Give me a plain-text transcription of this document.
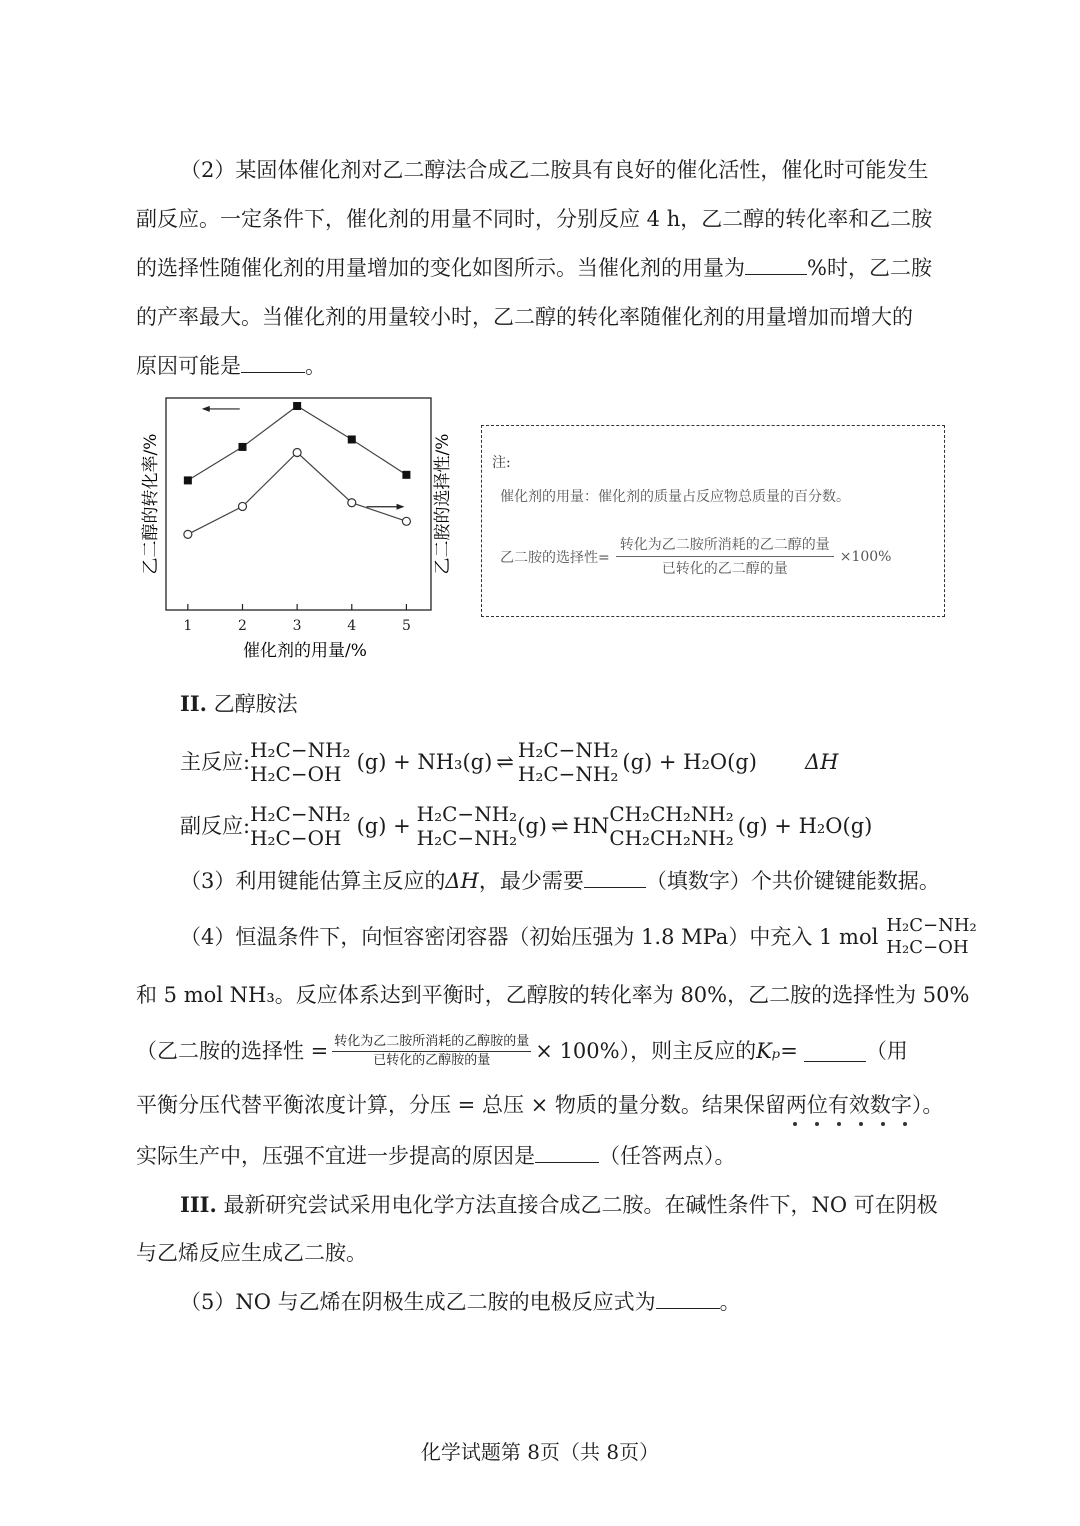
（2）某固体催化剂对乙二醇法合成乙二胺具有良好的催化活性，催化时可能发生
副反应。一定条件下，催化剂的用量不同时，分别反应 4 h，乙二醇的转化率和乙二胺
的选择性随催化剂的用量增加的变化如图所示。当催化剂的用量为	%时，乙二胺
的产率最大。当催化剂的用量较小时，乙二醇的转化率随催化剂的用量增加而增大的
原因可能是	。
乙二醇的转化率/%	乙二胺的选择性/%
催化剂的用量/%
1	2	3	4	5
注:
催化剂的用量：催化剂的质量占反应物总质量的百分数。
乙二胺的选择性= $\frac{\text{转化为乙二胺所消耗的乙二醇的量}}{\text{已转化的乙二醇的量}} \times 100\%$
II. 乙醇胺法
主反应: H₂C−NH₂
H₂C−OH (g) + NH₃(g) ⇌ H₂C−NH₂
H₂C−NH₂ (g) + H₂O(g) ΔH
副反应: H₂C−NH₂
H₂C−OH (g) + H₂C−NH₂
H₂C−NH₂ (g) ⇌ HN CH₂CH₂NH₂
CH₂CH₂NH₂ (g) + H₂O(g)
（3）利用键能估算主反应的ΔH，最少需要	（填数字）个共价键键能数据。
（4）恒温条件下，向恒容密闭容器（初始压强为 1.8 MPa）中充入 1 mol H₂C−NH₂
H₂C−OH
和 5 mol NH₃。反应体系达到平衡时，乙醇胺的转化率为 80%，乙二胺的选择性为 50%
（乙二胺的选择性 = $\frac{\text{转化为乙二胺所消耗的乙醇胺的量}}{\text{已转化的乙醇胺的量}} \times 100\%$），则主反应的 Kₚ =	（用
平衡分压代替平衡浓度计算，分压 = 总压 × 物质的量分数。结果保留两位有效数字）。
实际生产中，压强不宜进一步提高的原因是	（任答两点）。
III. 最新研究尝试采用电化学方法直接合成乙二胺。在碱性条件下，NO 可在阴极
与乙烯反应生成乙二胺。
（5）NO 与乙烯在阴极生成乙二胺的电极反应式为	。
化学试题第 8页（共 8页）
